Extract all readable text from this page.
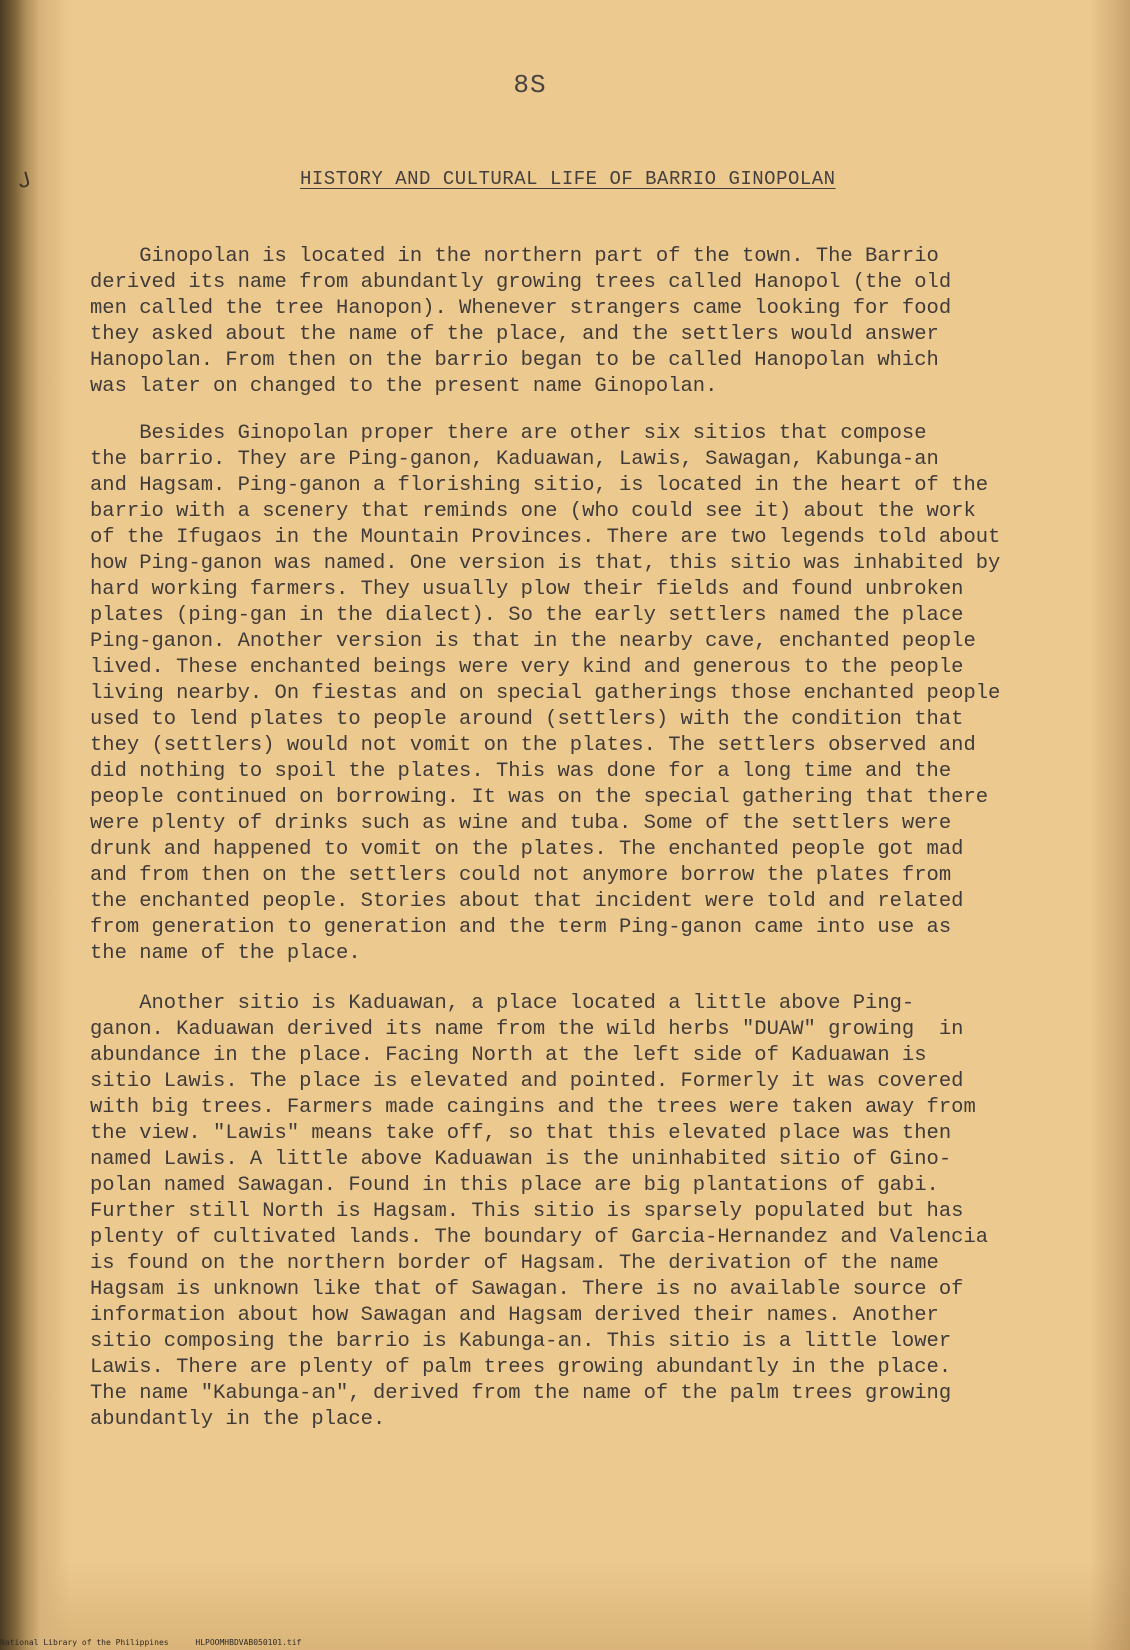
8S
ᒍ	HISTORY AND CULTURAL LIFE OF BARRIO GINOPOLAN
Ginopolan is located in the northern part of the town. The Barrio
derived its name from abundantly growing trees called Hanopol (the old
men called the tree Hanopon). Whenever strangers came looking for food
they asked about the name of the place, and the settlers would answer
Hanopolan. From then on the barrio began to be called Hanopolan which
was later on changed to the present name Ginopolan.
Besides Ginopolan proper there are other six sitios that compose
the barrio. They are Ping-ganon, Kaduawan, Lawis, Sawagan, Kabunga-an
and Hagsam. Ping-ganon a florishing sitio, is located in the heart of the
barrio with a scenery that reminds one (who could see it) about the work
of the Ifugaos in the Mountain Provinces. There are two legends told about
how Ping-ganon was named. One version is that, this sitio was inhabited by
hard working farmers. They usually plow their fields and found unbroken
plates (ping-gan in the dialect). So the early settlers named the place
Ping-ganon. Another version is that in the nearby cave, enchanted people
lived. These enchanted beings were very kind and generous to the people
living nearby. On fiestas and on special gatherings those enchanted people
used to lend plates to people around (settlers) with the condition that
they (settlers) would not vomit on the plates. The settlers observed and
did nothing to spoil the plates. This was done for a long time and the
people continued on borrowing. It was on the special gathering that there
were plenty of drinks such as wine and tuba. Some of the settlers were
drunk and happened to vomit on the plates. The enchanted people got mad
and from then on the settlers could not anymore borrow the plates from
the enchanted people. Stories about that incident were told and related
from generation to generation and the term Ping-ganon came into use as
the name of the place.
Another sitio is Kaduawan, a place located a little above Ping-
ganon. Kaduawan derived its name from the wild herbs "DUAW" growing  in
abundance in the place. Facing North at the left side of Kaduawan is
sitio Lawis. The place is elevated and pointed. Formerly it was covered
with big trees. Farmers made caingins and the trees were taken away from
the view. "Lawis" means take off, so that this elevated place was then
named Lawis. A little above Kaduawan is the uninhabited sitio of Gino-
polan named Sawagan. Found in this place are big plantations of gabi.
Further still North is Hagsam. This sitio is sparsely populated but has
plenty of cultivated lands. The boundary of Garcia-Hernandez and Valencia
is found on the northern border of Hagsam. The derivation of the name
Hagsam is unknown like that of Sawagan. There is no available source of
information about how Sawagan and Hagsam derived their names. Another
sitio composing the barrio is Kabunga-an. This sitio is a little lower
Lawis. There are plenty of palm trees growing abundantly in the place.
The name "Kabunga-an", derived from the name of the palm trees growing
abundantly in the place.
National Library of the Philippines	HLPOOMHBDVAB050101.tif
